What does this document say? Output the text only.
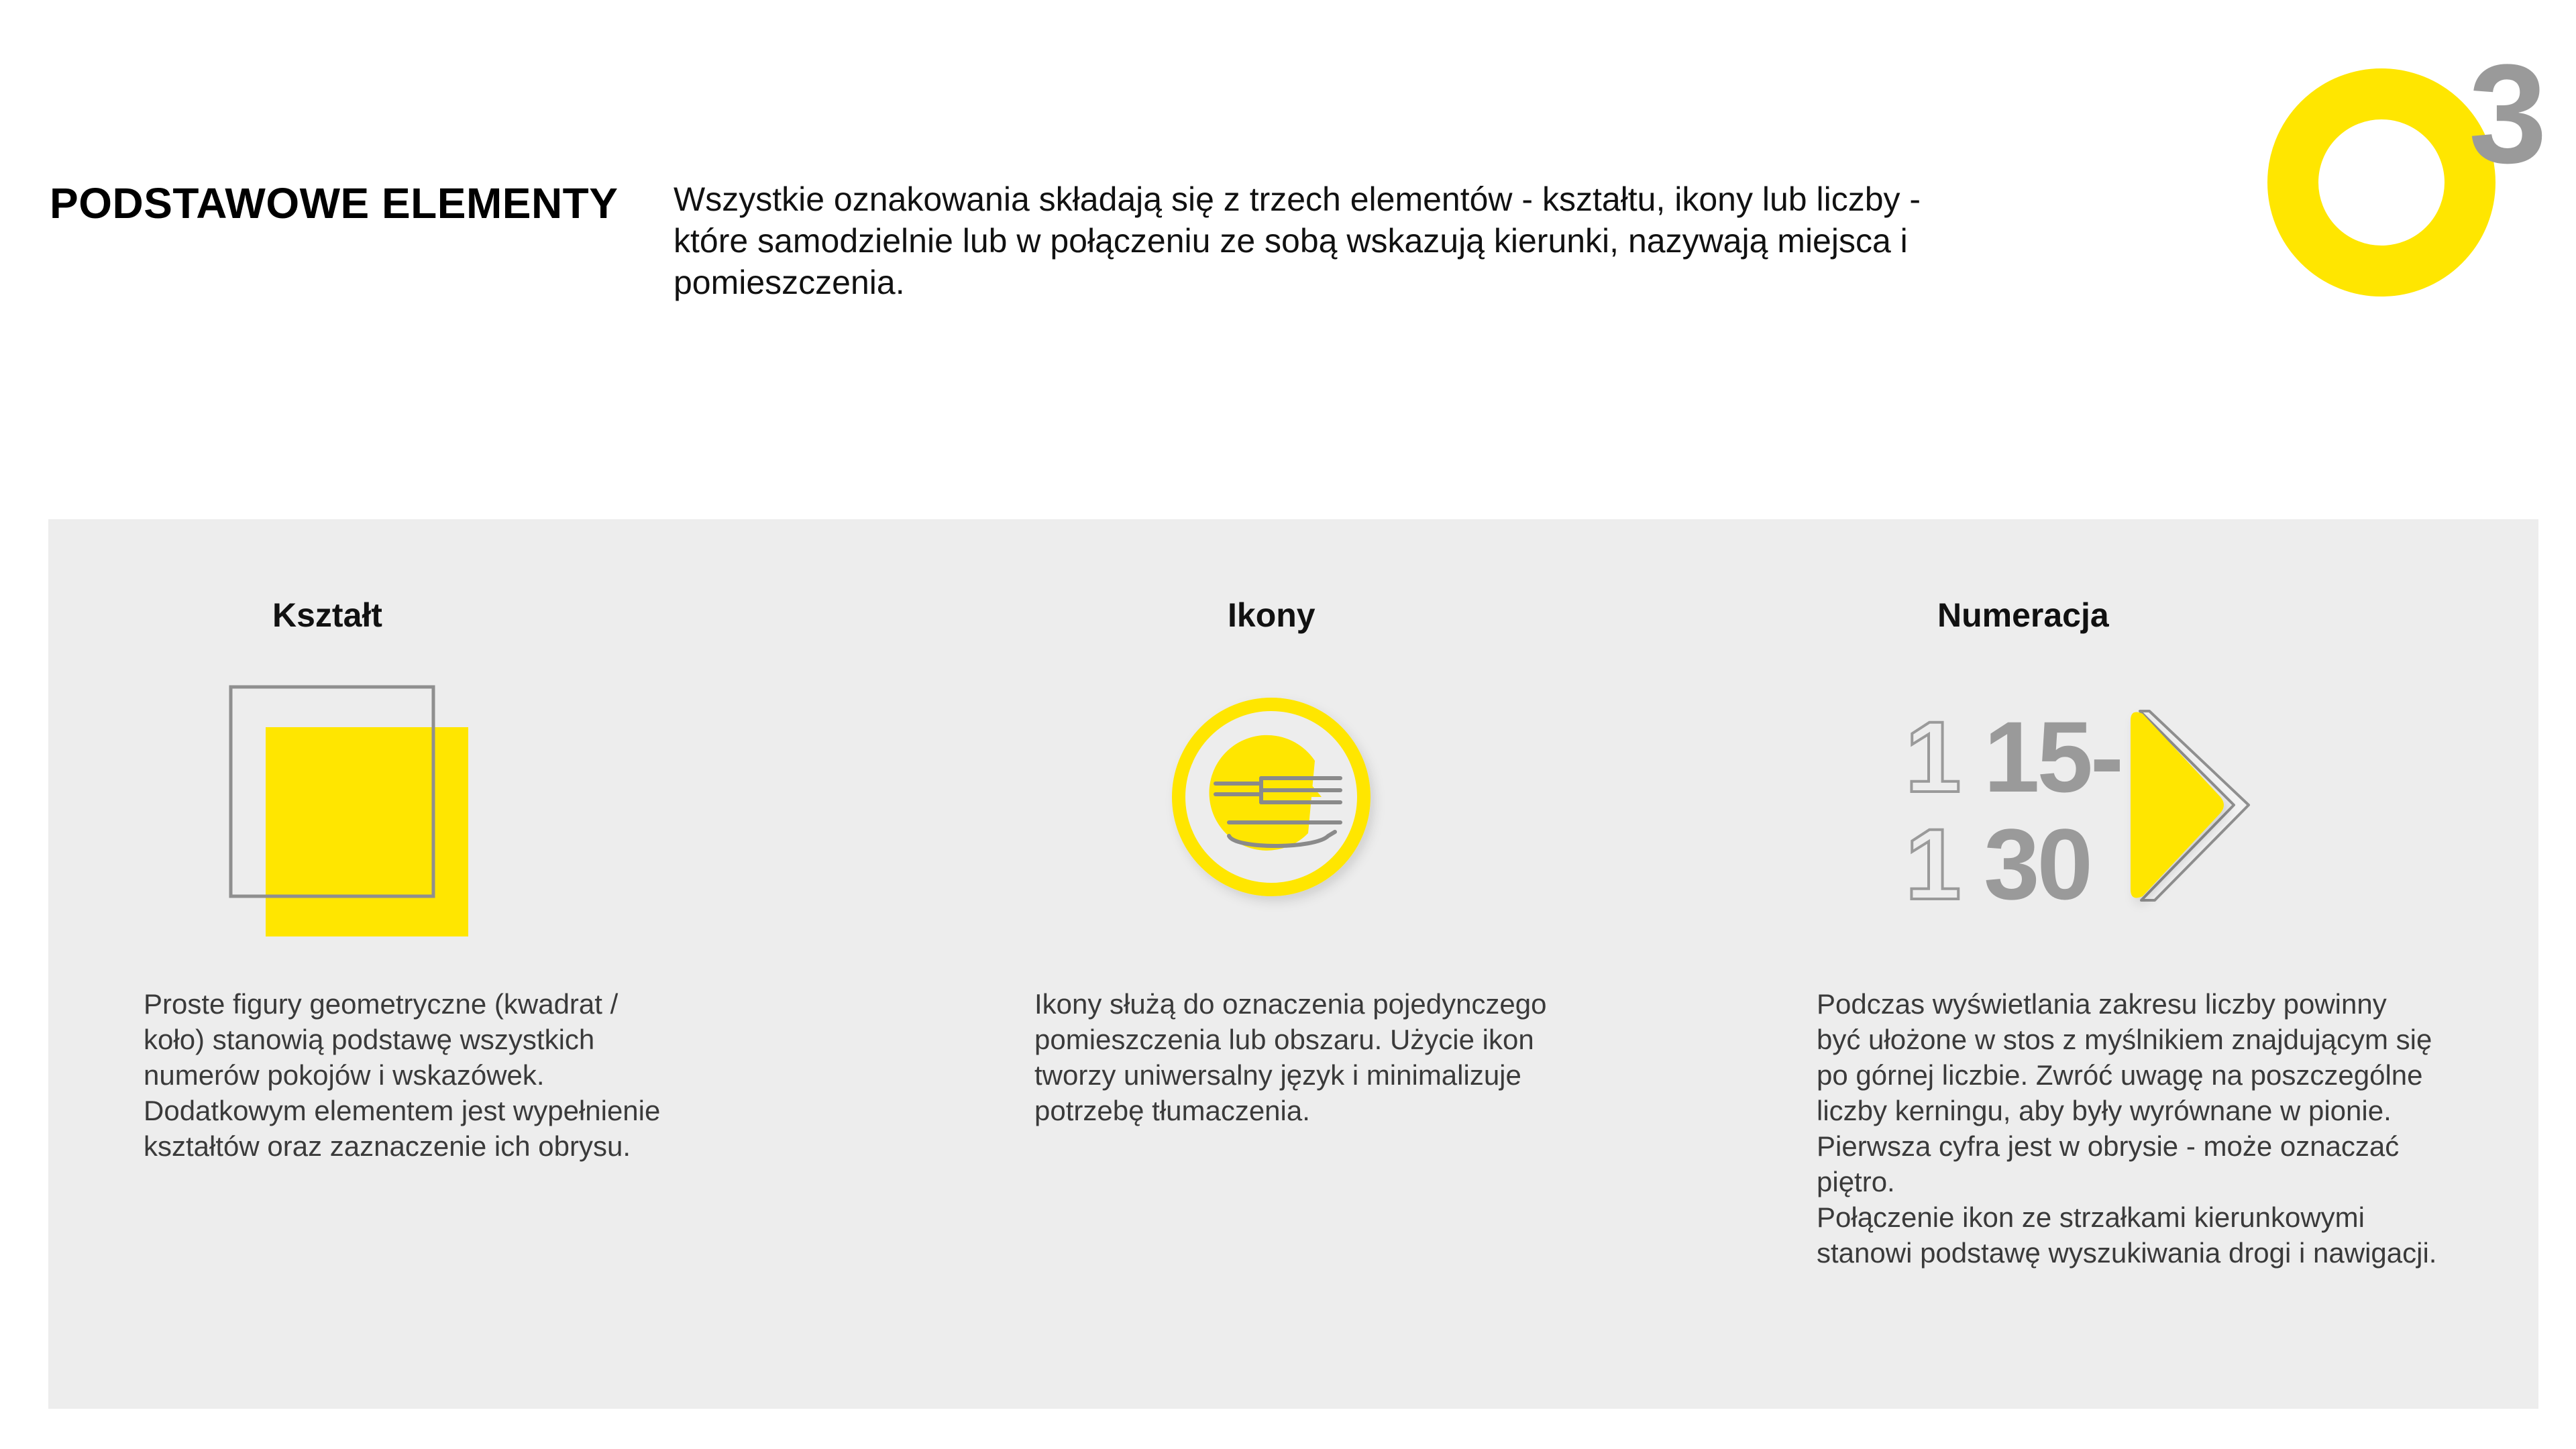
PODSTAWOWE ELEMENTY Wszystkie oznakowania składają się z trzech elementów - kształtu, ikony lub liczby - które samodzielnie lub w połączeniu ze sobą wskazują kierunki, nazywają miejsca i pomieszczenia.
3
Kształt
Proste figury geometryczne (kwadrat /
koło) stanowią podstawę wszystkich
numerów pokojów i wskazówek.
Dodatkowym elementem jest wypełnienie
kształtów oraz zaznaczenie ich obrysu.
Ikony
Ikony służą do oznaczenia pojedynczego
pomieszczenia lub obszaru. Użycie ikon
tworzy uniwersalny język i minimalizuje
potrzebę tłumaczenia.
Numeracja
1 15-
1 30
Podczas wyświetlania zakresu liczby powinny
być ułożone w stos z myślnikiem znajdującym się
po górnej liczbie. Zwróć uwagę na poszczególne
liczby kerningu, aby były wyrównane w pionie.
Pierwsza cyfra jest w obrysie - może oznaczać
piętro.
Połączenie ikon ze strzałkami kierunkowymi
stanowi podstawę wyszukiwania drogi i nawigacji.
